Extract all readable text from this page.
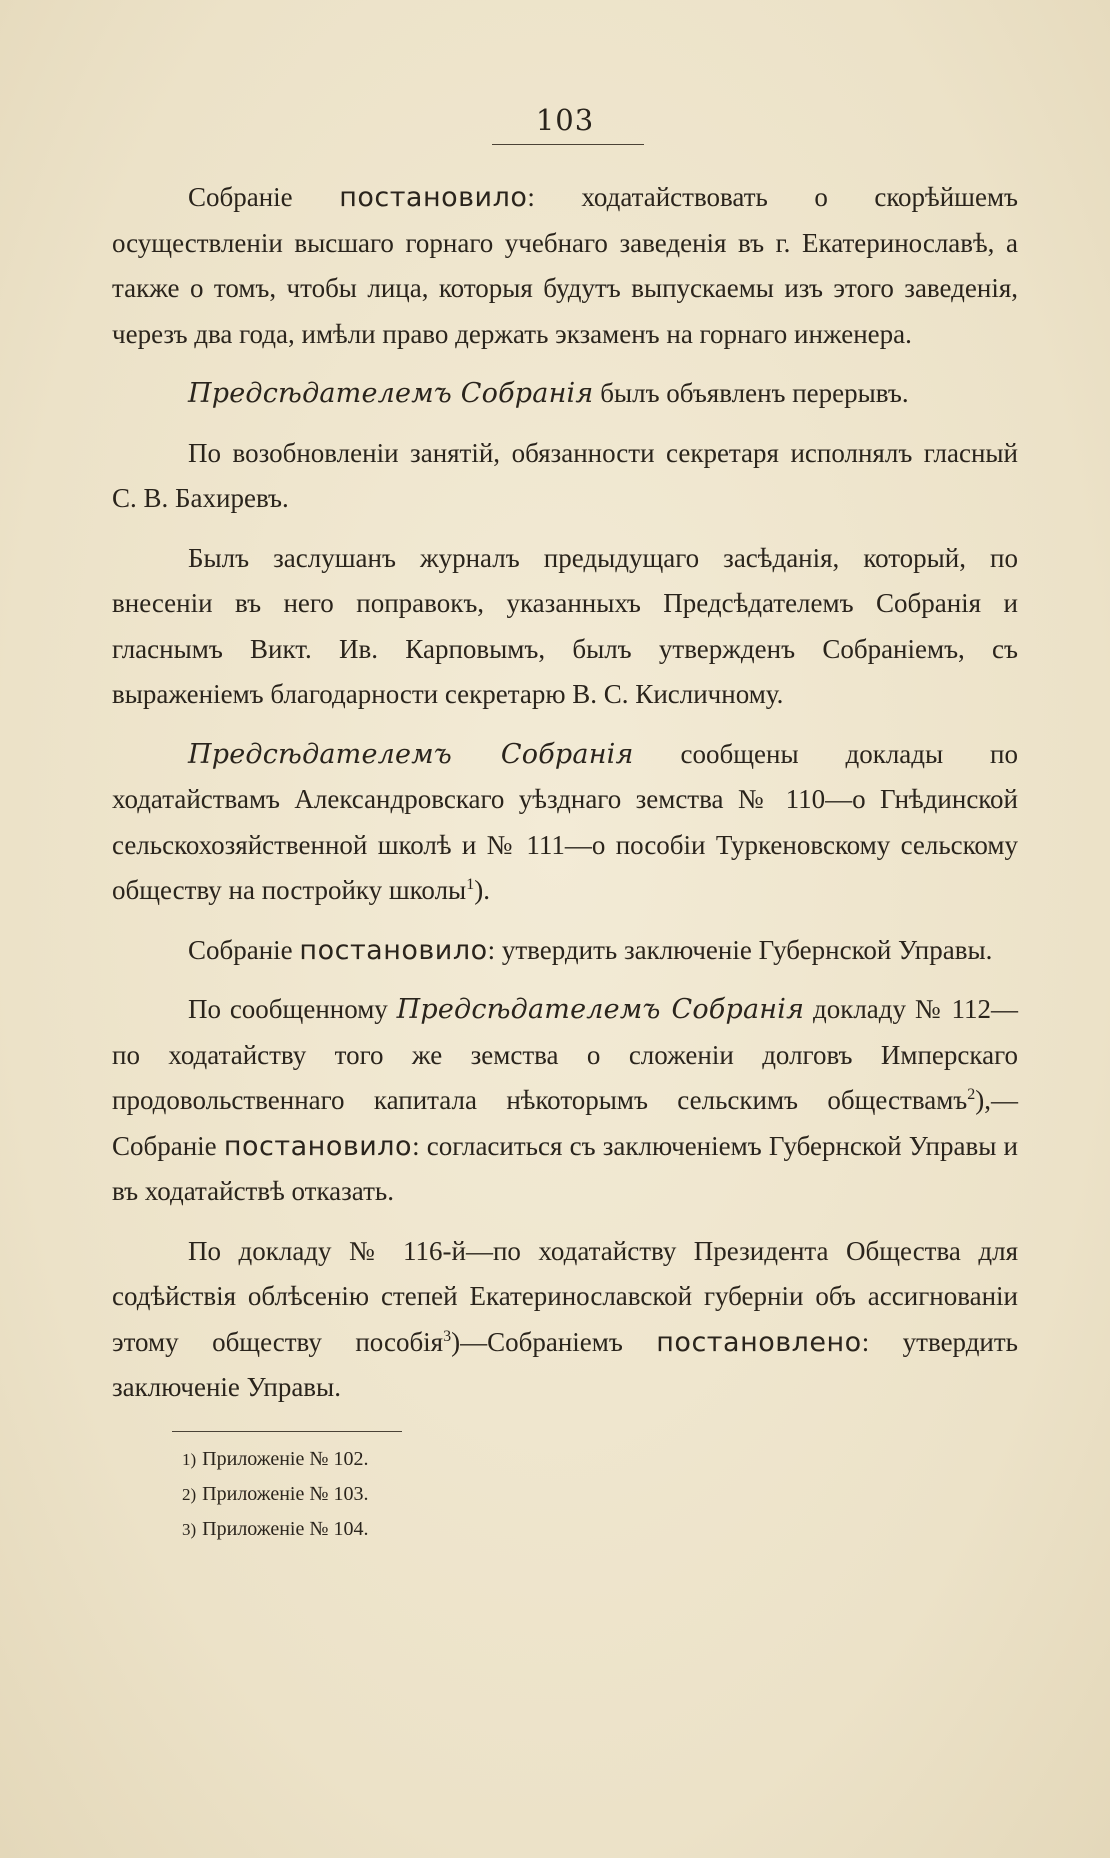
103

Собраніе постановило: ходатайствовать о скорѣйшемъ осуществленіи высшаго горнаго учебнаго заведенія въ г. Екатеринославѣ, а также о томъ, чтобы лица, которыя будутъ выпускаемы изъ этого заведенія, черезъ два года, имѣли право держать экзаменъ на горнаго инженера.

Предсѣдателемъ Собранія былъ объявленъ перерывъ.

По возобновленіи занятій, обязанности секретаря исполнялъ гласный С. В. Бахиревъ.

Былъ заслушанъ журналъ предыдущаго засѣданія, который, по внесеніи въ него поправокъ, указанныхъ Предсѣдателемъ Собранія и гласнымъ Викт. Ив. Карповымъ, былъ утвержденъ Собраніемъ, съ выраженіемъ благодарности секретарю В. С. Кисличному.

Предсѣдателемъ Собранія сообщены доклады по ходатайствамъ Александровскаго уѣзднаго земства № 110—о Гнѣдинской сельскохозяйственной школѣ и № 111—о пособіи Туркеновскому сельскому обществу на постройку школы$^1$).

Собраніе постановило: утвердить заключеніе Губернской Управы.

По сообщенному Предсѣдателемъ Собранія докладу № 112—по ходатайству того же земства о сложеніи долговъ Имперскаго продовольственнаго капитала нѣкоторымъ сельскимъ обществамъ$^2$),—Собраніе постановило: согласиться съ заключеніемъ Губернской Управы и въ ходатайствѣ отказать.

По докладу № 116-й—по ходатайству Президента Общества для содѣйствія облѣсенію степей Екатеринославской губерніи объ ассигнованіи этому обществу пособія$^3$)—Собраніемъ постановлено: утвердить заключеніе Управы.

1) Приложеніе № 102.
2) Приложеніе № 103.
3) Приложеніе № 104.
